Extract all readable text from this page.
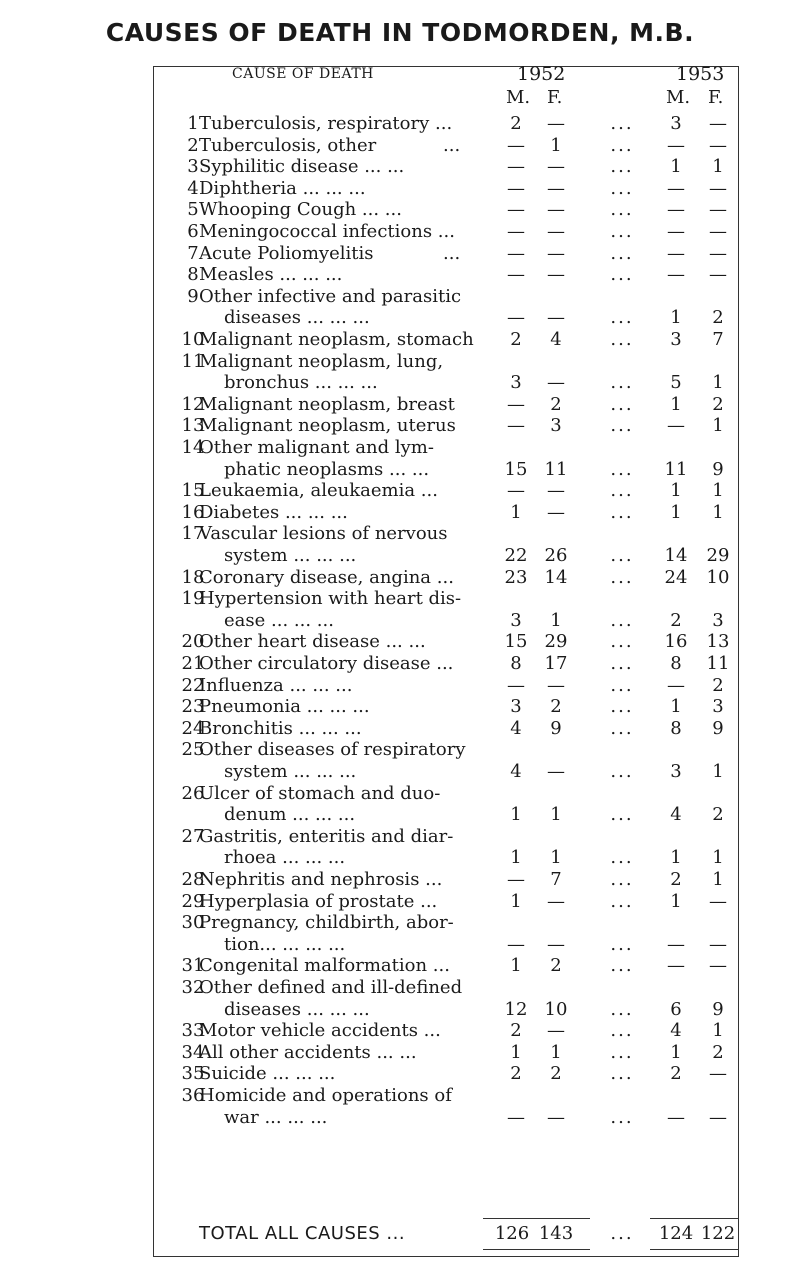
CAUSES OF DEATH IN TODMORDEN, M.B.
CAUSE OF DEATH	1952	1953
M. F.	M. F.
1 Tuberculosis, respiratory ...	2	—	...	3	—
2 Tuberculosis, other	...	—	1	...	—	—
3 Syphilitic disease ... ...	—	—	...	1	1
4 Diphtheria ... ... ...	—	—	...	—	—
5 Whooping Cough ... ...	—	—	...	—	—
6 Meningococcal infections ...	—	—	...	—	—
7 Acute Poliomyelitis	...	—	—	...	—	—
8 Measles ... ... ...	—	—	...	—	—
9 Other infective and parasitic
diseases ... ... ...	—	—	...	1	2
10
Malignant neoplasm, stomach	2	4	...	3	7
11
Malignant neoplasm, lung,
bronchus ... ... ...	3	—	...	5	1
12
Malignant neoplasm, breast	—	2	...	1	2
13
Malignant neoplasm, uterus	—	3	...	—	1
14
Other malignant and lym-
phatic neoplasms ... ...	15 11	...	11	9
15
Leukaemia, aleukaemia ...	—	—	...	1	1
16
Diabetes ... ... ...	1	—	...	1	1
17
Vascular lesions of nervous
system ... ... ...	22 26	...	14	29
18
Coronary disease, angina ...	23 14	...	24	10
19
Hypertension with heart dis-
ease ... ... ...	3	1	...	2	3
20
Other heart disease ... ...	15 29	...	16	13
21
Other circulatory disease ...	8	17	...	8	11
22
Influenza ... ... ...	—	—	...	—	2
23
Pneumonia ... ... ...	3	2	...	1	3
24
Bronchitis ... ... ...	4	9	...	8	9
25
Other diseases of respiratory
system ... ... ...	4	—	...	3	1
26
Ulcer of stomach and duo-
denum ... ... ...	1	1	...	4	2
27
Gastritis, enteritis and diar-
rhoea ... ... ...	1	1	...	1	1
28
Nephritis and nephrosis ...	—	7	...	2	1
29
Hyperplasia of prostate ...	1	—	...	1	—
30
Pregnancy, childbirth, abor-
tion... ... ... ...	—	—	...	—	—
31
Congenital malformation ...	1	2	...	—	—
32
Other defined and ill-defined
diseases ... ... ...	12 10	...	6	9
33
Motor vehicle accidents ...	2	—	...	4	1
34
All other accidents ... ...	1	1	...	1	2
35
Suicide ... ... ...	2	2	...	2	—
36
Homicide and operations of
war ... ... ...	—	—	...	—	—
TOTAL ALL CAUSES ...	126 143	...	124 122
